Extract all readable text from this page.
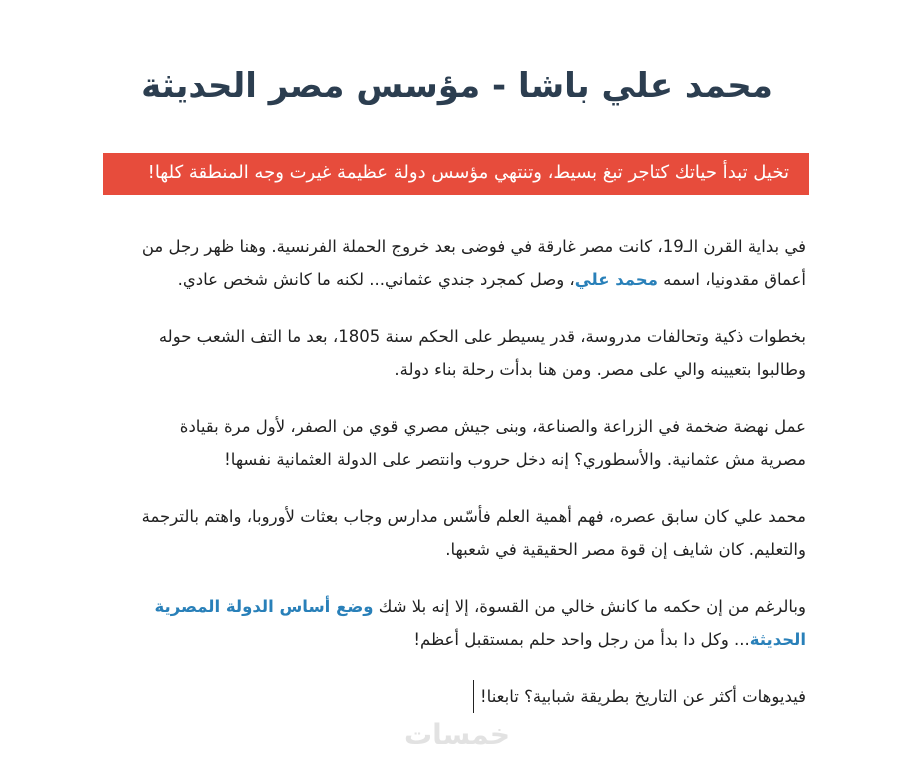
محمد علي باشا - مؤسس مصر الحديثة
تخيل تبدأ حياتك كتاجر تبغ بسيط، وتنتهي مؤسس دولة عظيمة غيرت وجه المنطقة كلها!

في بداية القرن الـ19، كانت مصر غارقة في فوضى بعد خروج الحملة الفرنسية. وهنا ظهر رجل من أعماق مقدونيا، اسمه محمد علي، وصل كمجرد جندي عثماني... لكنه ما كانش شخص عادي.

بخطوات ذكية وتحالفات مدروسة، قدر يسيطر على الحكم سنة 1805، بعد ما التف الشعب حوله وطالبوا بتعيينه والي على مصر. ومن هنا بدأت رحلة بناء دولة.

عمل نهضة ضخمة في الزراعة والصناعة، وبنى جيش مصري قوي من الصفر، لأول مرة بقيادة مصرية مش عثمانية. والأسطوري؟ إنه دخل حروب وانتصر على الدولة العثمانية نفسها!

محمد علي كان سابق عصره، فهم أهمية العلم فأسّس مدارس وجاب بعثات لأوروبا، واهتم بالترجمة والتعليم. كان شايف إن قوة مصر الحقيقية في شعبها.

وبالرغم من إن حكمه ما كانش خالي من القسوة، إلا إنه بلا شك وضع أساس الدولة المصرية الحديثة... وكل دا بدأ من رجل واحد حلم بمستقبل أعظم!

فيديوهات أكثر عن التاريخ بطريقة شبابية؟ تابعنا!

خمسات
